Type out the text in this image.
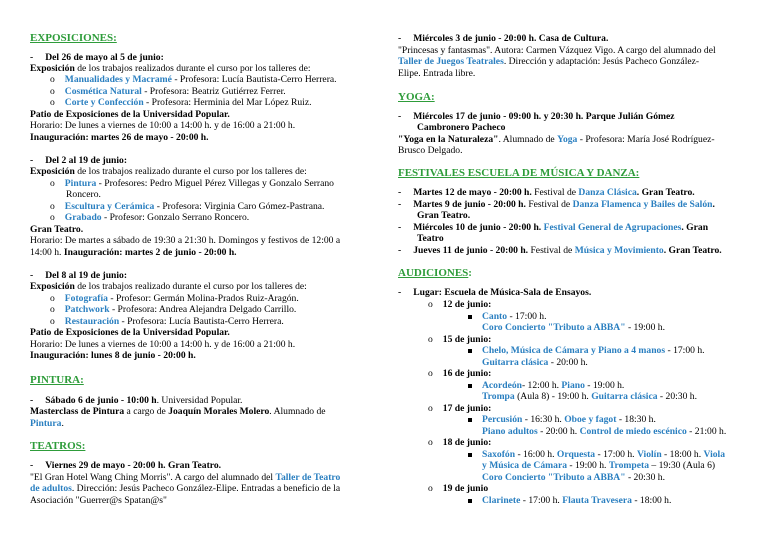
EXPOSICIONES:
- Del 26 de mayo al 5 de junio:
Exposición de los trabajos realizados durante el curso por los talleres de:
o Manualidades y Macramé - Profesora: Lucía Bautista-Cerro Herrera.
o Cosmética Natural - Profesora: Beatriz Gutiérrez Ferrer.
o Corte y Confección - Profesora: Herminia del Mar López Ruiz.
Patio de Exposiciones de la Universidad Popular.
Horario: De lunes a viernes de 10:00 a 14:00 h. y de 16:00 a 21:00 h.
Inauguración: martes 26 de mayo - 20:00 h.
- Del 2 al 19 de junio:
Exposición de los trabajos realizado durante el curso por los talleres de:
o Pintura - Profesores: Pedro Miguel Pérez Villegas y Gonzalo Serrano
Roncero.
o Escultura y Cerámica - Profesora: Virginia Caro Gómez-Pastrana.
o Grabado - Profesor: Gonzalo Serrano Roncero.
Gran Teatro.
Horario: De martes a sábado de 19:30 a 21:30 h. Domingos y festivos de 12:00 a
14:00 h. Inauguración: martes 2 de junio - 20:00 h.
- Del 8 al 19 de junio:
Exposición de los trabajos realizado durante el curso por los talleres de:
o Fotografía - Profesor: Germán Molina-Prados Ruiz-Aragón.
o Patchwork - Profesora: Andrea Alejandra Delgado Carrillo.
o Restauración - Profesora: Lucía Bautista-Cerro Herrera.
Patio de Exposiciones de la Universidad Popular.
Horario: De lunes a viernes de 10:00 a 14:00 h. y de 16:00 a 21:00 h.
Inauguración: lunes 8 de junio - 20:00 h.
PINTURA:
- Sábado 6 de junio - 10:00 h. Universidad Popular.
Masterclass de Pintura a cargo de Joaquín Morales Molero. Alumnado de
Pintura.
TEATROS:
- Viernes 29 de mayo - 20:00 h. Gran Teatro.
"El Gran Hotel Wang Ching Morris". A cargo del alumnado del Taller de Teatro
de adultos. Dirección: Jesús Pacheco González-Elipe. Entradas a beneficio de la
Asociación "Guerrer@s Spatan@s"
- Miércoles 3 de junio - 20:00 h. Casa de Cultura.
"Princesas y fantasmas". Autora: Carmen Vázquez Vigo. A cargo del alumnado del
Taller de Juegos Teatrales. Dirección y adaptación: Jesús Pacheco González-
Elipe. Entrada libre.
YOGA:
- Miércoles 17 de junio - 09:00 h. y 20:30 h. Parque Julián Gómez
Cambronero Pacheco
"Yoga en la Naturaleza". Alumnado de Yoga - Profesora: María José Rodríguez-
Brusco Delgado.
FESTIVALES ESCUELA DE MÚSICA Y DANZA:
- Martes 12 de mayo - 20:00 h. Festival de Danza Clásica. Gran Teatro.
- Martes 9 de junio - 20:00 h. Festival de Danza Flamenca y Bailes de Salón.
Gran Teatro.
- Miércoles 10 de junio - 20:00 h. Festival General de Agrupaciones. Gran
Teatro
- Jueves 11 de junio - 20:00 h. Festival de Música y Movimiento. Gran Teatro.
AUDICIONES:
- Lugar: Escuela de Música-Sala de Ensayos.
o 12 de junio:
Canto - 17:00 h.
Coro Concierto "Tributo a ABBA" - 19:00 h.
o 15 de junio:
Chelo, Música de Cámara y Piano a 4 manos - 17:00 h.
Guitarra clásica - 20:00 h.
o 16 de junio:
Acordeón- 12:00 h. Piano - 19:00 h.
Trompa (Aula 8) - 19:00 h. Guitarra clásica - 20:30 h.
o 17 de junio:
Percusión - 16:30 h. Oboe y fagot - 18:30 h.
Piano adultos - 20:00 h. Control de miedo escénico - 21:00 h.
o 18 de junio:
Saxofón - 16:00 h. Orquesta - 17:00 h. Violín - 18:00 h. Viola
y Música de Cámara - 19:00 h. Trompeta – 19:30 (Aula 6)
Coro Concierto "Tributo a ABBA" - 20:30 h.
o 19 de junio
Clarinete - 17:00 h. Flauta Travesera - 18:00 h.
